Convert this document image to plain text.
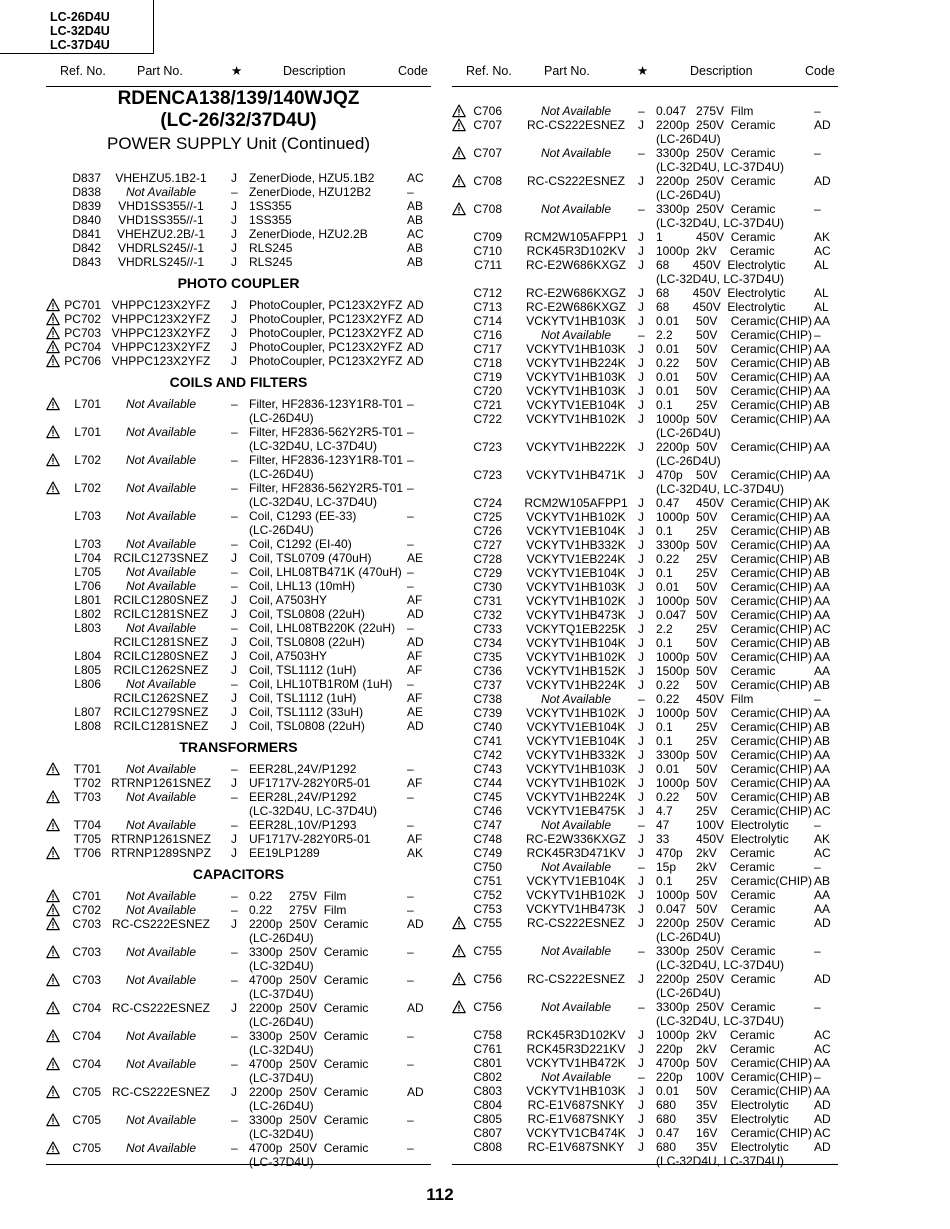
LC-26D4U
LC-32D4U
LC-37D4U
Ref. No. Part No.	★	Description	Code	Ref. No.	Part No.	★	Description	Code
RDENCA138/139/140WJQZ
(LC-26/32/37D4U)
POWER SUPPLY Unit (Continued)
D837	VHEHZU5.1B2-1	J ZenerDiode, HZU5.1B2	AC
D838	Not Available	– ZenerDiode, HZU12B2	–
D839	VHD1SS355//-1	J 1SS355	AB
D840	VHD1SS355//-1	J 1SS355	AB
D841	VHEHZU2.2B/-1	J ZenerDiode, HZU2.2B	AC
D842	VHDRLS245//-1	J RLS245	AB
D843	VHDRLS245//-1	J RLS245	AB
PHOTO COUPLER
PC701 VHPPC123X2YFZ	J PhotoCoupler, PC123X2YFZ AD
PC702 VHPPC123X2YFZ	J PhotoCoupler, PC123X2YFZ AD
PC703 VHPPC123X2YFZ	J PhotoCoupler, PC123X2YFZ AD
PC704 VHPPC123X2YFZ	J PhotoCoupler, PC123X2YFZ AD
PC706 VHPPC123X2YFZ	J PhotoCoupler, PC123X2YFZ AD
COILS AND FILTERS
L701	Not Available	– Filter, HF2836-123Y1R8-T01 –
(LC-26D4U)
L701	Not Available	– Filter, HF2836-562Y2R5-T01 –
(LC-32D4U, LC-37D4U)
L702	Not Available	– Filter, HF2836-123Y1R8-T01 –
(LC-26D4U)
L702	Not Available	– Filter, HF2836-562Y2R5-T01 –
(LC-32D4U, LC-37D4U)
L703	Not Available	– Coil, C1293 (EE-33)	–
(LC-26D4U)
L703	Not Available	– Coil, C1292 (EI-40)	–
L704	RCILC1273SNEZ	J Coil, TSL0709 (470uH)	AE
L705	Not Available	– Coil, LHL08TB471K (470uH) –
L706	Not Available	– Coil, LHL13 (10mH)	–
L801	RCILC1280SNEZ	J Coil, A7503HY	AF
L802	RCILC1281SNEZ	J Coil, TSL0808 (22uH)	AD
L803	Not Available	– Coil, LHL08TB220K (22uH) –
RCILC1281SNEZ	J Coil, TSL0808 (22uH)	AD
L804	RCILC1280SNEZ	J Coil, A7503HY	AF
L805	RCILC1262SNEZ	J Coil, TSL1112 (1uH)	AF
L806	Not Available	– Coil, LHL10TB1R0M (1uH) –
RCILC1262SNEZ	J Coil, TSL1112 (1uH)	AF
L807	RCILC1279SNEZ	J Coil, TSL1112 (33uH)	AE
L808	RCILC1281SNEZ	J Coil, TSL0808 (22uH)	AD
TRANSFORMERS
T701	Not Available	– EER28L,24V/P1292	–
T702 RTRNP1261SNEZ	J UF1717V-282Y0R5-01	AF
T703	Not Available	– EER28L,24V/P1292	–
(LC-32D4U, LC-37D4U)
T704	Not Available	– EER28L,10V/P1293	–
T705 RTRNP1261SNEZ	J UF1717V-282Y0R5-01	AF
T706 RTRNP1289SNPZ	J EE19LP1289	AK
CAPACITORS
C701	Not Available	– 0.22     275V  Film	–
C702	Not Available	– 0.22     275V  Film	–
C703 RC-CS222ESNEZ	J 2200p  250V  Ceramic	AD
(LC-26D4U)
C703	Not Available	– 3300p  250V  Ceramic	–
(LC-32D4U)
C703	Not Available	– 4700p  250V  Ceramic	–
(LC-37D4U)
C704 RC-CS222ESNEZ	J 2200p  250V  Ceramic	AD
(LC-26D4U)
C704	Not Available	– 3300p  250V  Ceramic	–
(LC-32D4U)
C704	Not Available	– 4700p  250V  Ceramic	–
(LC-37D4U)
C705 RC-CS222ESNEZ	J 2200p  250V  Ceramic	AD
(LC-26D4U)
C705	Not Available	– 3300p  250V  Ceramic	–
(LC-32D4U)
C705	Not Available	– 4700p  250V  Ceramic	–
(LC-37D4U)
C706	Not Available	– 0.047   275V  Film	–
C707	RC-CS222ESNEZ	J 2200p  250V  Ceramic	AD
(LC-26D4U)
C707	Not Available	– 3300p  250V  Ceramic	–
(LC-32D4U, LC-37D4U)
C708	RC-CS222ESNEZ	J 2200p  250V  Ceramic	AD
(LC-26D4U)
C708	Not Available	– 3300p  250V  Ceramic	–
(LC-32D4U, LC-37D4U)
C709	RCM2W105AFPP1 J 1          450V  Ceramic	AK
C710	RCK45R3D102KV	J 1000p  2kV    Ceramic	AC
C711	RC-E2W686KXGZ J 68       450V  Electrolytic AL
(LC-32D4U, LC-37D4U)
C712	RC-E2W686KXGZ J 68       450V  Electrolytic AL
C713	RC-E2W686KXGZ J 68       450V  Electrolytic AL
C714	VCKYTV1HB103K	J 0.01     50V    Ceramic(CHIP) AA
C716	Not Available	– 2.2       50V    Ceramic(CHIP) –
C717	VCKYTV1HB103K	J 0.01     50V    Ceramic(CHIP) AA
C718	VCKYTV1HB224K	J 0.22     50V    Ceramic(CHIP) AB
C719	VCKYTV1HB103K	J 0.01     50V    Ceramic(CHIP) AA
C720	VCKYTV1HB103K	J 0.01     50V    Ceramic(CHIP) AA
C721	VCKYTV1EB104K	J 0.1       25V    Ceramic(CHIP) AB
C722	VCKYTV1HB102K	J 1000p  50V    Ceramic(CHIP) AA
(LC-26D4U)
C723	VCKYTV1HB222K	J 2200p  50V    Ceramic(CHIP) AA
(LC-26D4U)
C723	VCKYTV1HB471K	J 470p    50V    Ceramic(CHIP) AA
(LC-32D4U, LC-37D4U)
C724	RCM2W105AFPP1 J 0.47     450V  Ceramic(CHIP) AK
C725	VCKYTV1HB102K	J 1000p  50V    Ceramic(CHIP) AA
C726	VCKYTV1EB104K	J 0.1       25V    Ceramic(CHIP) AB
C727	VCKYTV1HB332K	J 3300p  50V    Ceramic(CHIP) AA
C728	VCKYTV1EB224K	J 0.22     25V    Ceramic(CHIP) AB
C729	VCKYTV1EB104K	J 0.1       25V    Ceramic(CHIP) AB
C730	VCKYTV1HB103K	J 0.01     50V    Ceramic(CHIP) AA
C731	VCKYTV1HB102K	J 1000p  50V    Ceramic(CHIP) AA
C732	VCKYTV1HB473K	J 0.047   50V    Ceramic(CHIP) AA
C733	VCKYTQ1EB225K J 2.2       25V    Ceramic(CHIP) AC
C734	VCKYTV1HB104K	J 0.1       50V    Ceramic(CHIP) AB
C735	VCKYTV1HB102K	J 1000p  50V    Ceramic(CHIP) AA
C736	VCKYTV1HB152K	J 1500p  50V    Ceramic	AA
C737	VCKYTV1HB224K	J 0.22     50V    Ceramic(CHIP) AB
C738	Not Available	– 0.22     450V  Film	–
C739	VCKYTV1HB102K	J 1000p  50V    Ceramic(CHIP) AA
C740	VCKYTV1EB104K	J 0.1       25V    Ceramic(CHIP) AB
C741	VCKYTV1EB104K	J 0.1       25V    Ceramic(CHIP) AB
C742	VCKYTV1HB332K	J 3300p  50V    Ceramic(CHIP) AA
C743	VCKYTV1HB103K	J 0.01     50V    Ceramic(CHIP) AA
C744	VCKYTV1HB102K	J 1000p  50V    Ceramic(CHIP) AA
C745	VCKYTV1HB224K	J 0.22     50V    Ceramic(CHIP) AB
C746	VCKYTV1EB475K	J 4.7       25V    Ceramic(CHIP) AC
C747	Not Available	– 47        100V  Electrolytic –
C748	RC-E2W336KXGZ J 33        450V  Electrolytic AK
C749	RCK45R3D471KV	J 470p    2kV    Ceramic	AC
C750	Not Available	– 15p      2kV    Ceramic	–
C751	VCKYTV1EB104K	J 0.1       25V    Ceramic(CHIP) AB
C752	VCKYTV1HB102K	J 1000p  50V    Ceramic	AA
C753	VCKYTV1HB473K	J 0.047   50V    Ceramic	AA
C755	RC-CS222ESNEZ	J 2200p  250V  Ceramic	AD
(LC-26D4U)
C755	Not Available	– 3300p  250V  Ceramic	–
(LC-32D4U, LC-37D4U)
C756	RC-CS222ESNEZ	J 2200p  250V  Ceramic	AD
(LC-26D4U)
C756	Not Available	– 3300p  250V  Ceramic	–
(LC-32D4U, LC-37D4U)
C758	RCK45R3D102KV	J 1000p  2kV    Ceramic	AC
C761	RCK45R3D221KV	J 220p    2kV    Ceramic	AC
C801	VCKYTV1HB472K	J 4700p  50V    Ceramic(CHIP) AA
C802	Not Available	– 220p    100V  Ceramic(CHIP) –
C803	VCKYTV1HB103K	J 0.01     50V    Ceramic(CHIP) AA
C804	RC-E1V687SNKY	J 680      35V    Electrolytic AD
C805	RC-E1V687SNKY	J 680      35V    Electrolytic AD
C807	VCKYTV1CB474K	J 0.47     16V    Ceramic(CHIP) AC
C808	RC-E1V687SNKY	J 680      35V    Electrolytic AD
(LC-32D4U, LC-37D4U)
112
